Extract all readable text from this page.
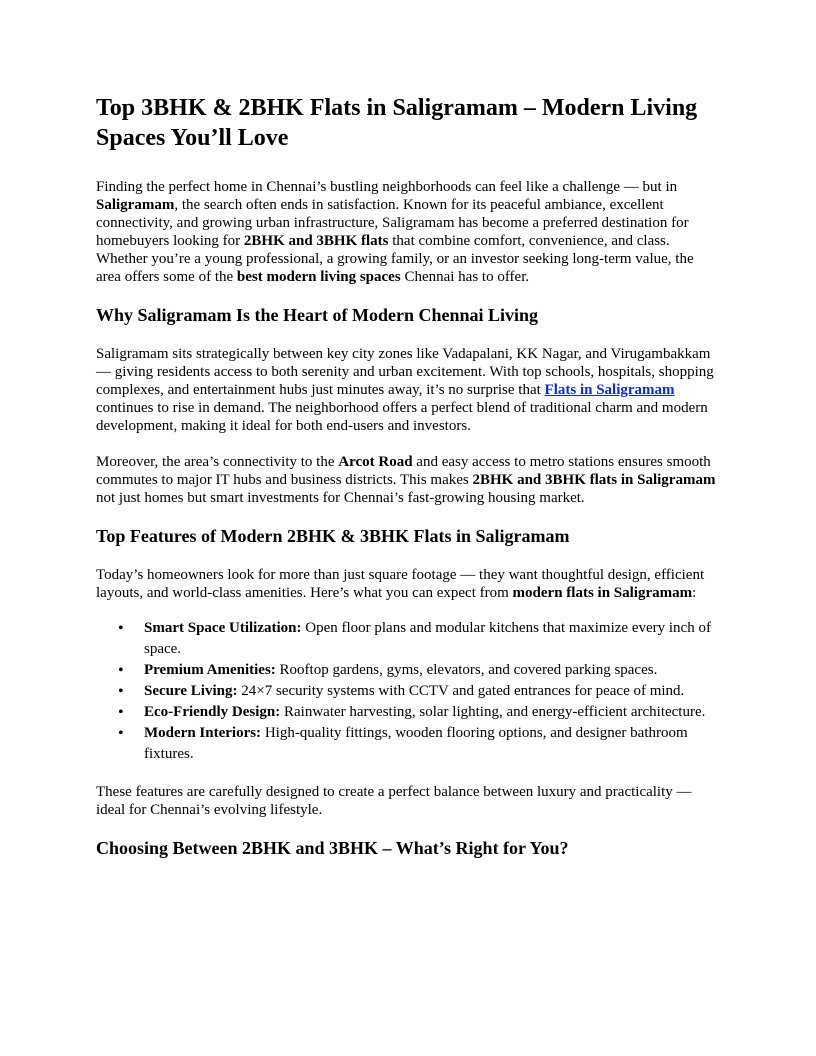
Top 3BHK & 2BHK Flats in Saligramam – Modern Living Spaces You’ll Love

Finding the perfect home in Chennai’s bustling neighborhoods can feel like a challenge — but in Saligramam, the search often ends in satisfaction. Known for its peaceful ambiance, excellent connectivity, and growing urban infrastructure, Saligramam has become a preferred destination for homebuyers looking for 2BHK and 3BHK flats that combine comfort, convenience, and class. Whether you’re a young professional, a growing family, or an investor seeking long-term value, the area offers some of the best modern living spaces Chennai has to offer.

Why Saligramam Is the Heart of Modern Chennai Living

Saligramam sits strategically between key city zones like Vadapalani, KK Nagar, and Virugambakkam — giving residents access to both serenity and urban excitement. With top schools, hospitals, shopping complexes, and entertainment hubs just minutes away, it’s no surprise that Flats in Saligramam continues to rise in demand. The neighborhood offers a perfect blend of traditional charm and modern development, making it ideal for both end-users and investors.

Moreover, the area’s connectivity to the Arcot Road and easy access to metro stations ensures smooth commutes to major IT hubs and business districts. This makes 2BHK and 3BHK flats in Saligramam not just homes but smart investments for Chennai’s fast-growing housing market.

Top Features of Modern 2BHK & 3BHK Flats in Saligramam

Today’s homeowners look for more than just square footage — they want thoughtful design, efficient layouts, and world-class amenities. Here’s what you can expect from modern flats in Saligramam:

• Smart Space Utilization: Open floor plans and modular kitchens that maximize every inch of space.
• Premium Amenities: Rooftop gardens, gyms, elevators, and covered parking spaces.
• Secure Living: 24×7 security systems with CCTV and gated entrances for peace of mind.
• Eco-Friendly Design: Rainwater harvesting, solar lighting, and energy-efficient architecture.
• Modern Interiors: High-quality fittings, wooden flooring options, and designer bathroom fixtures.

These features are carefully designed to create a perfect balance between luxury and practicality — ideal for Chennai’s evolving lifestyle.

Choosing Between 2BHK and 3BHK – What’s Right for You?
